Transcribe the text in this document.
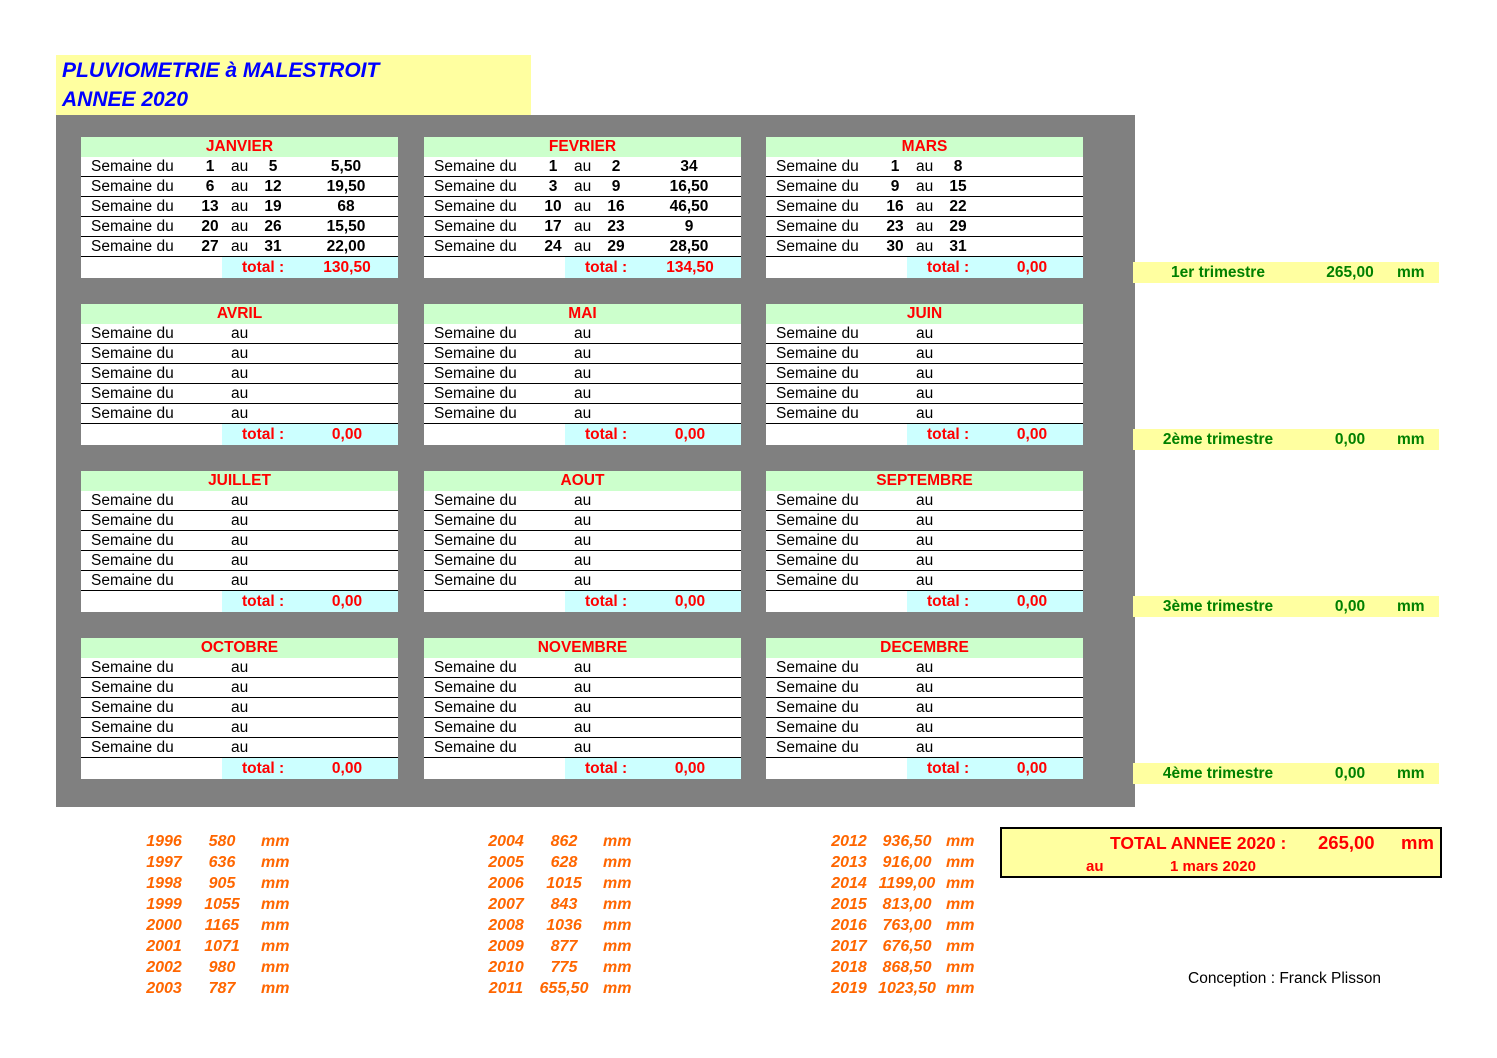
PLUVIOMETRIE à MALESTROIT
ANNEE 2020
JANVIER
Semaine du	1	au	5	5,50
Semaine du	6	au 12	19,50
Semaine du 13 au 19	68
Semaine du 20 au 26	15,50
Semaine du 27 au 31	22,00
total :	130,50
FEVRIER
Semaine du	1	au	2	34
Semaine du	3	au	9	16,50
Semaine du 10 au 16	46,50
Semaine du 17 au 23	9
Semaine du 24 au 29	28,50
total :	134,50
MARS
Semaine du	1	au	8
Semaine du	9	au 15
Semaine du 16 au 22
Semaine du 23 au 29
Semaine du 30 au 31
total :	0,00
AVRIL
Semaine du	au
Semaine du	au
Semaine du	au
Semaine du	au
Semaine du	au
total :	0,00
MAI
Semaine du	au
Semaine du	au
Semaine du	au
Semaine du	au
Semaine du	au
total :	0,00
JUIN
Semaine du	au
Semaine du	au
Semaine du	au
Semaine du	au
Semaine du	au
total :	0,00
JUILLET
Semaine du	au
Semaine du	au
Semaine du	au
Semaine du	au
Semaine du	au
total :	0,00
AOUT
Semaine du	au
Semaine du	au
Semaine du	au
Semaine du	au
Semaine du	au
total :	0,00
SEPTEMBRE
Semaine du	au
Semaine du	au
Semaine du	au
Semaine du	au
Semaine du	au
total :	0,00
OCTOBRE
Semaine du	au
Semaine du	au
Semaine du	au
Semaine du	au
Semaine du	au
total :	0,00
NOVEMBRE
Semaine du	au
Semaine du	au
Semaine du	au
Semaine du	au
Semaine du	au
total :	0,00
DECEMBRE
Semaine du	au
Semaine du	au
Semaine du	au
Semaine du	au
Semaine du	au
total :	0,00
1er trimestre	265,00	mm
2ème trimestre	0,00	mm
3ème trimestre	0,00	mm
4ème trimestre	0,00	mm
1996	580	mm
1997	636	mm
1998	905	mm
1999	1055	mm
2000	1165	mm
2001	1071	mm
2002	980	mm
2003	787	mm
2004	862	mm
2005	628	mm
2006	1015	mm
2007	843	mm
2008	1036	mm
2009	877	mm
2010	775	mm
2011	655,50 mm
2012 936,50 mm
2013 916,00 mm
2014 1199,00 mm
2015 813,00 mm
2016 763,00 mm
2017 676,50 mm
2018 868,50 mm
2019 1023,50 mm
TOTAL ANNEE 2020 : 265,00 mm
au	1 mars 2020
Conception : Franck Plisson
